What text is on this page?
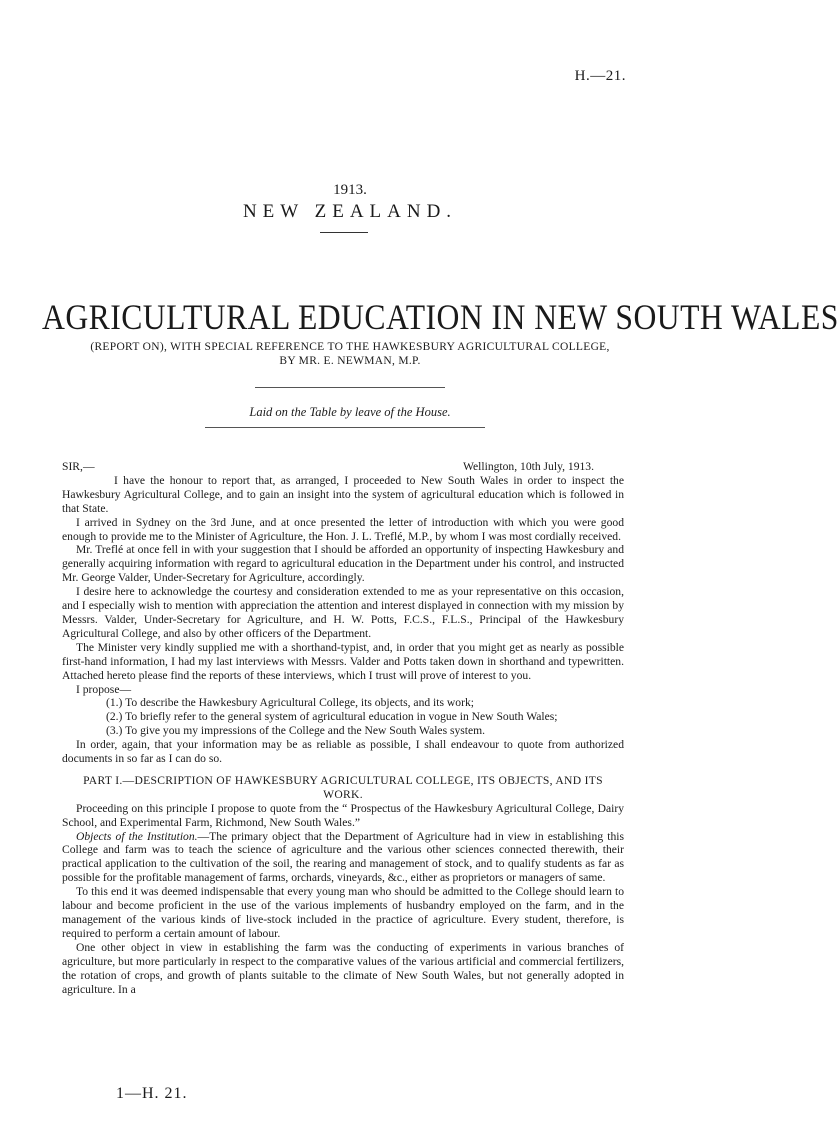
H.—21.
1913.
NEW ZEALAND.
AGRICULTURAL EDUCATION IN NEW SOUTH WALES
(REPORT ON), WITH SPECIAL REFERENCE TO THE HAWKESBURY AGRICULTURAL COLLEGE,
BY MR. E. NEWMAN, M.P.
Laid on the Table by leave of the House.

SIR,—	Wellington, 10th July, 1913.

I have the honour to report that, as arranged, I proceeded to New South Wales in order to inspect the Hawkesbury Agricultural College, and to gain an insight into the system of agricultural education which is followed in that State.

I arrived in Sydney on the 3rd June, and at once presented the letter of introduction with which you were good enough to provide me to the Minister of Agriculture, the Hon. J. L. Treflé, M.P., by whom I was most cordially received.

Mr. Treflé at once fell in with your suggestion that I should be afforded an opportunity of inspecting Hawkesbury and generally acquiring information with regard to agricultural education in the Department under his control, and instructed Mr. George Valder, Under-Secretary for Agriculture, accordingly.

I desire here to acknowledge the courtesy and consideration extended to me as your representative on this occasion, and I especially wish to mention with appreciation the attention and interest displayed in connection with my mission by Messrs. Valder, Under-Secretary for Agriculture, and H. W. Potts, F.C.S., F.L.S., Principal of the Hawkesbury Agricultural College, and also by other officers of the Department.

The Minister very kindly supplied me with a shorthand-typist, and, in order that you might get as nearly as possible first-hand information, I had my last interviews with Messrs. Valder and Potts taken down in shorthand and typewritten. Attached hereto please find the reports of these interviews, which I trust will prove of interest to you.

I propose—

(1.) To describe the Hawkesbury Agricultural College, its objects, and its work;

(2.) To briefly refer to the general system of agricultural education in vogue in New South Wales;

(3.) To give you my impressions of the College and the New South Wales system.

In order, again, that your information may be as reliable as possible, I shall endeavour to quote from authorized documents in so far as I can do so.

PART I.—DESCRIPTION OF HAWKESBURY AGRICULTURAL COLLEGE, ITS OBJECTS, AND ITS WORK.

Proceeding on this principle I propose to quote from the “ Prospectus of the Hawkesbury Agricultural College, Dairy School, and Experimental Farm, Richmond, New South Wales.”

Objects of the Institution.—The primary object that the Department of Agriculture had in view in establishing this College and farm was to teach the science of agriculture and the various other sciences connected therewith, their practical application to the cultivation of the soil, the rearing and management of stock, and to qualify students as far as possible for the profitable management of farms, orchards, vineyards, &c., either as proprietors or managers of same.

To this end it was deemed indispensable that every young man who should be admitted to the College should learn to labour and become proficient in the use of the various implements of husbandry employed on the farm, and in the management of the various kinds of live-stock included in the practice of agriculture. Every student, therefore, is required to perform a certain amount of labour.

One other object in view in establishing the farm was the conducting of experiments in various branches of agriculture, but more particularly in respect to the comparative values of the various artificial and commercial fertilizers, the rotation of crops, and growth of plants suitable to the climate of New South Wales, but not generally adopted in agriculture. In a

1—H. 21.
